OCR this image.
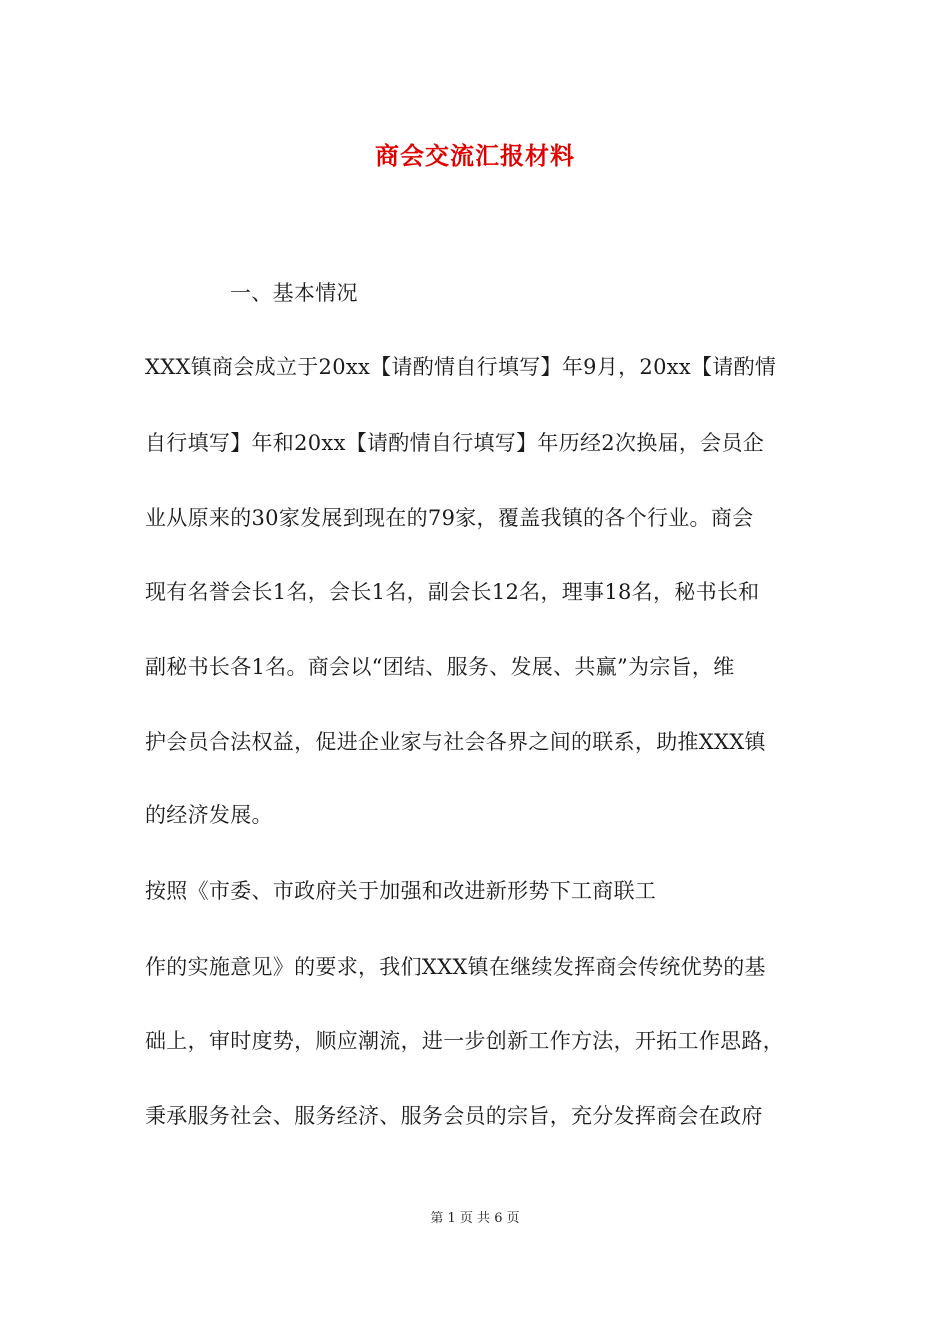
商会交流汇报材料
一、基本情况
XXX镇商会成立于20xx【请酌情自行填写】年9月，20xx【请酌情
自行填写】年和20xx【请酌情自行填写】年历经2次换届，会员企
业从原来的30家发展到现在的79家，覆盖我镇的各个行业。商会
现有名誉会长1名，会长1名，副会长12名，理事18名，秘书长和
副秘书长各1名。商会以“团结、服务、发展、共赢”为宗旨，维
护会员合法权益，促进企业家与社会各界之间的联系，助推XXX镇
的经济发展。
按照《市委、市政府关于加强和改进新形势下工商联工
作的实施意见》的要求，我们XXX镇在继续发挥商会传统优势的基
础上，审时度势，顺应潮流，进一步创新工作方法，开拓工作思路，
秉承服务社会、服务经济、服务会员的宗旨，充分发挥商会在政府
第 1 页 共 6 页
